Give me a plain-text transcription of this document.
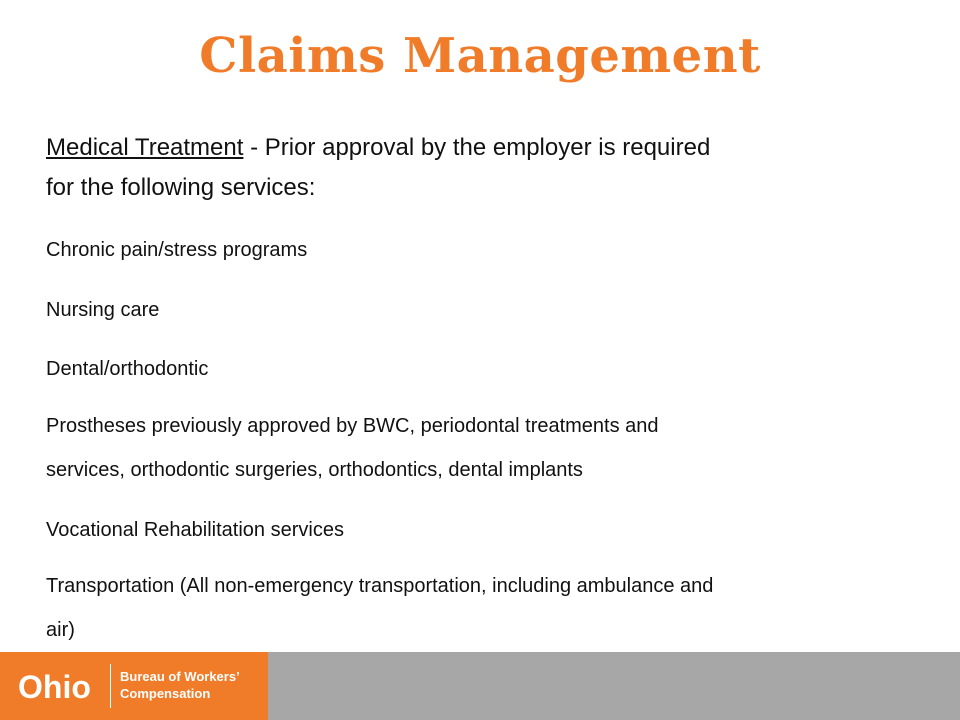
Claims Management
Medical Treatment - Prior approval by the employer is required
for the following services:
Chronic pain/stress programs
Nursing care
Dental/orthodontic
Prostheses previously approved by BWC, periodontal treatments and
services, orthodontic surgeries, orthodontics, dental implants
Vocational Rehabilitation services
Transportation (All non-emergency transportation, including ambulance and
air)
Ohio Bureau of Workers’
Compensation
